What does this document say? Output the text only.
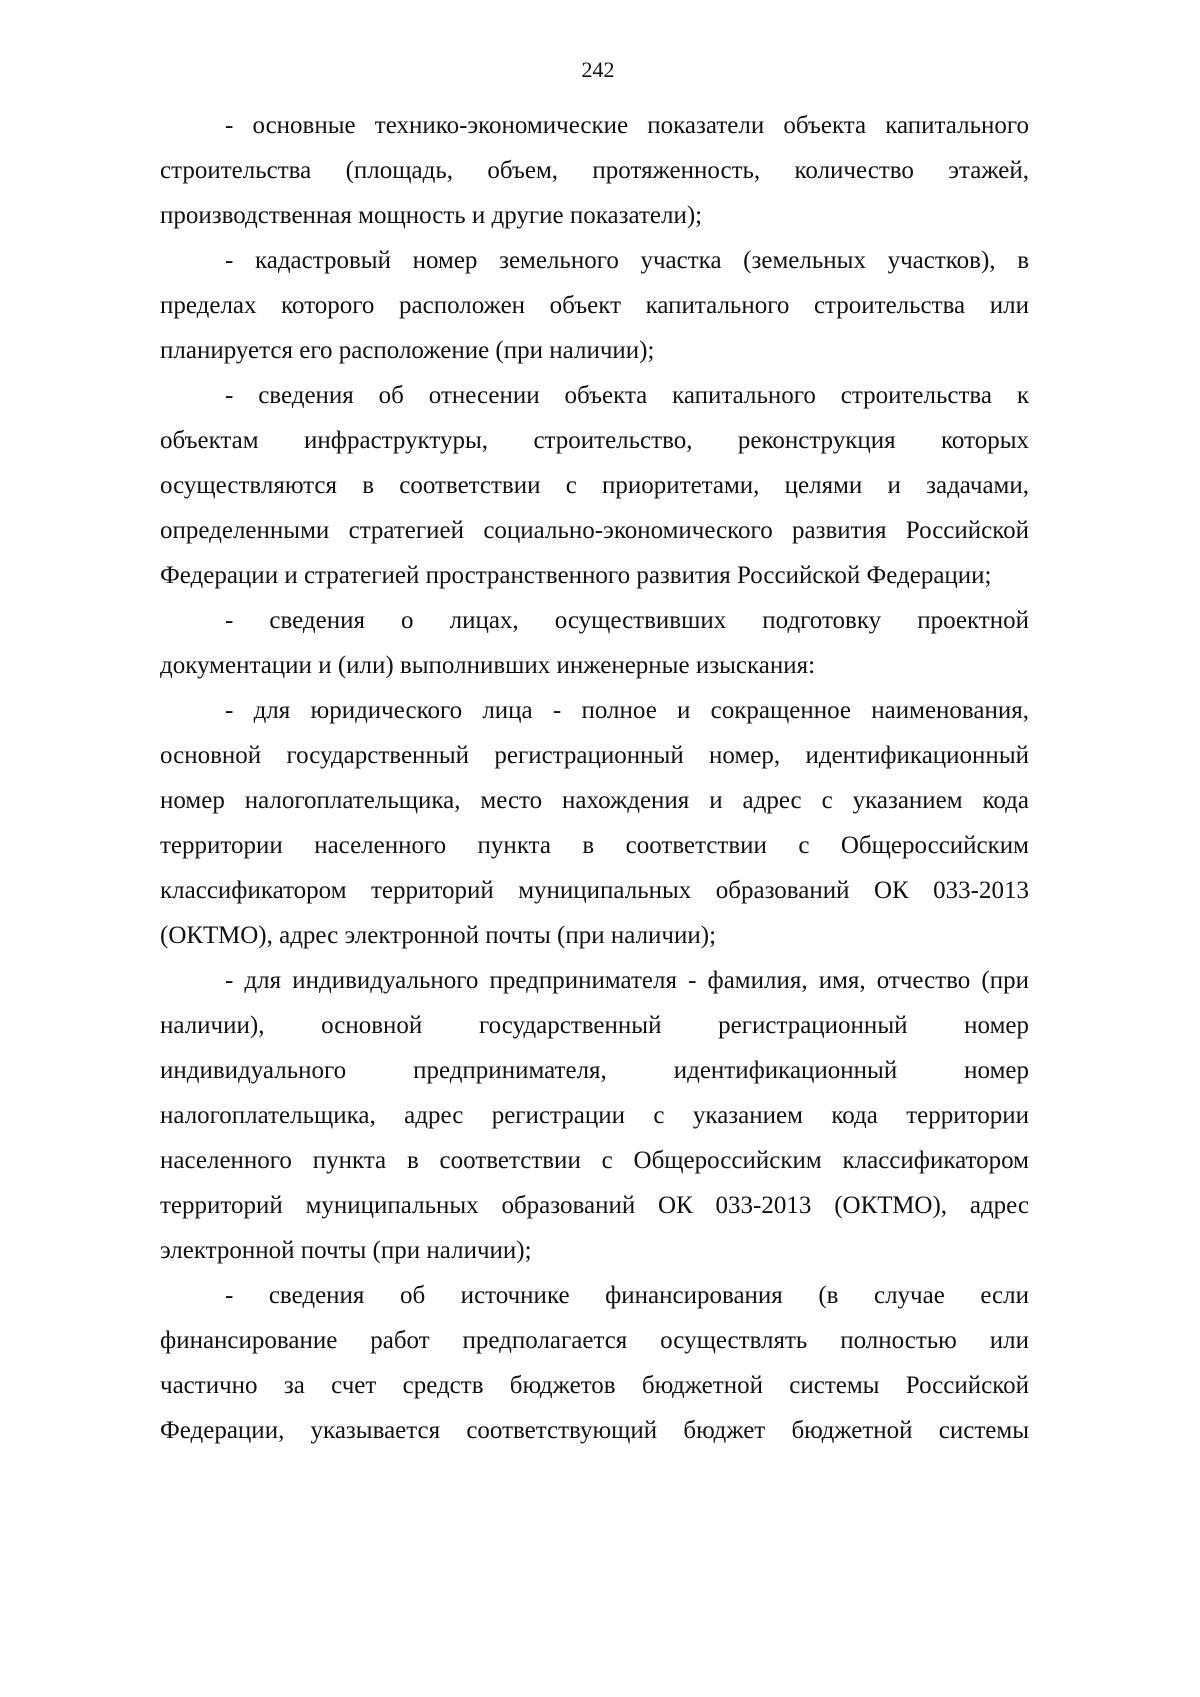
242
- основные технико-экономические показатели объекта капитального
строительства (площадь, объем, протяженность, количество этажей,
производственная мощность и другие показатели);
- кадастровый номер земельного участка (земельных участков), в
пределах которого расположен объект капитального строительства или
планируется его расположение (при наличии);
- сведения об отнесении объекта капитального строительства к
объектам инфраструктуры, строительство, реконструкция которых
осуществляются в соответствии с приоритетами, целями и задачами,
определенными стратегией социально-экономического развития Российской
Федерации и стратегией пространственного развития Российской Федерации;
- сведения о лицах, осуществивших подготовку проектной
документации и (или) выполнивших инженерные изыскания:
- для юридического лица - полное и сокращенное наименования,
основной государственный регистрационный номер, идентификационный
номер налогоплательщика, место нахождения и адрес с указанием кода
территории населенного пункта в соответствии с Общероссийским
классификатором территорий муниципальных образований ОК 033-2013
(ОКТМО), адрес электронной почты (при наличии);
- для индивидуального предпринимателя - фамилия, имя, отчество (при
наличии), основной государственный регистрационный номер
индивидуального предпринимателя, идентификационный номер
налогоплательщика, адрес регистрации с указанием кода территории
населенного пункта в соответствии с Общероссийским классификатором
территорий муниципальных образований ОК 033-2013 (ОКТМО), адрес
электронной почты (при наличии);
- сведения об источнике финансирования (в случае если
финансирование работ предполагается осуществлять полностью или
частично за счет средств бюджетов бюджетной системы Российской
Федерации, указывается соответствующий бюджет бюджетной системы
